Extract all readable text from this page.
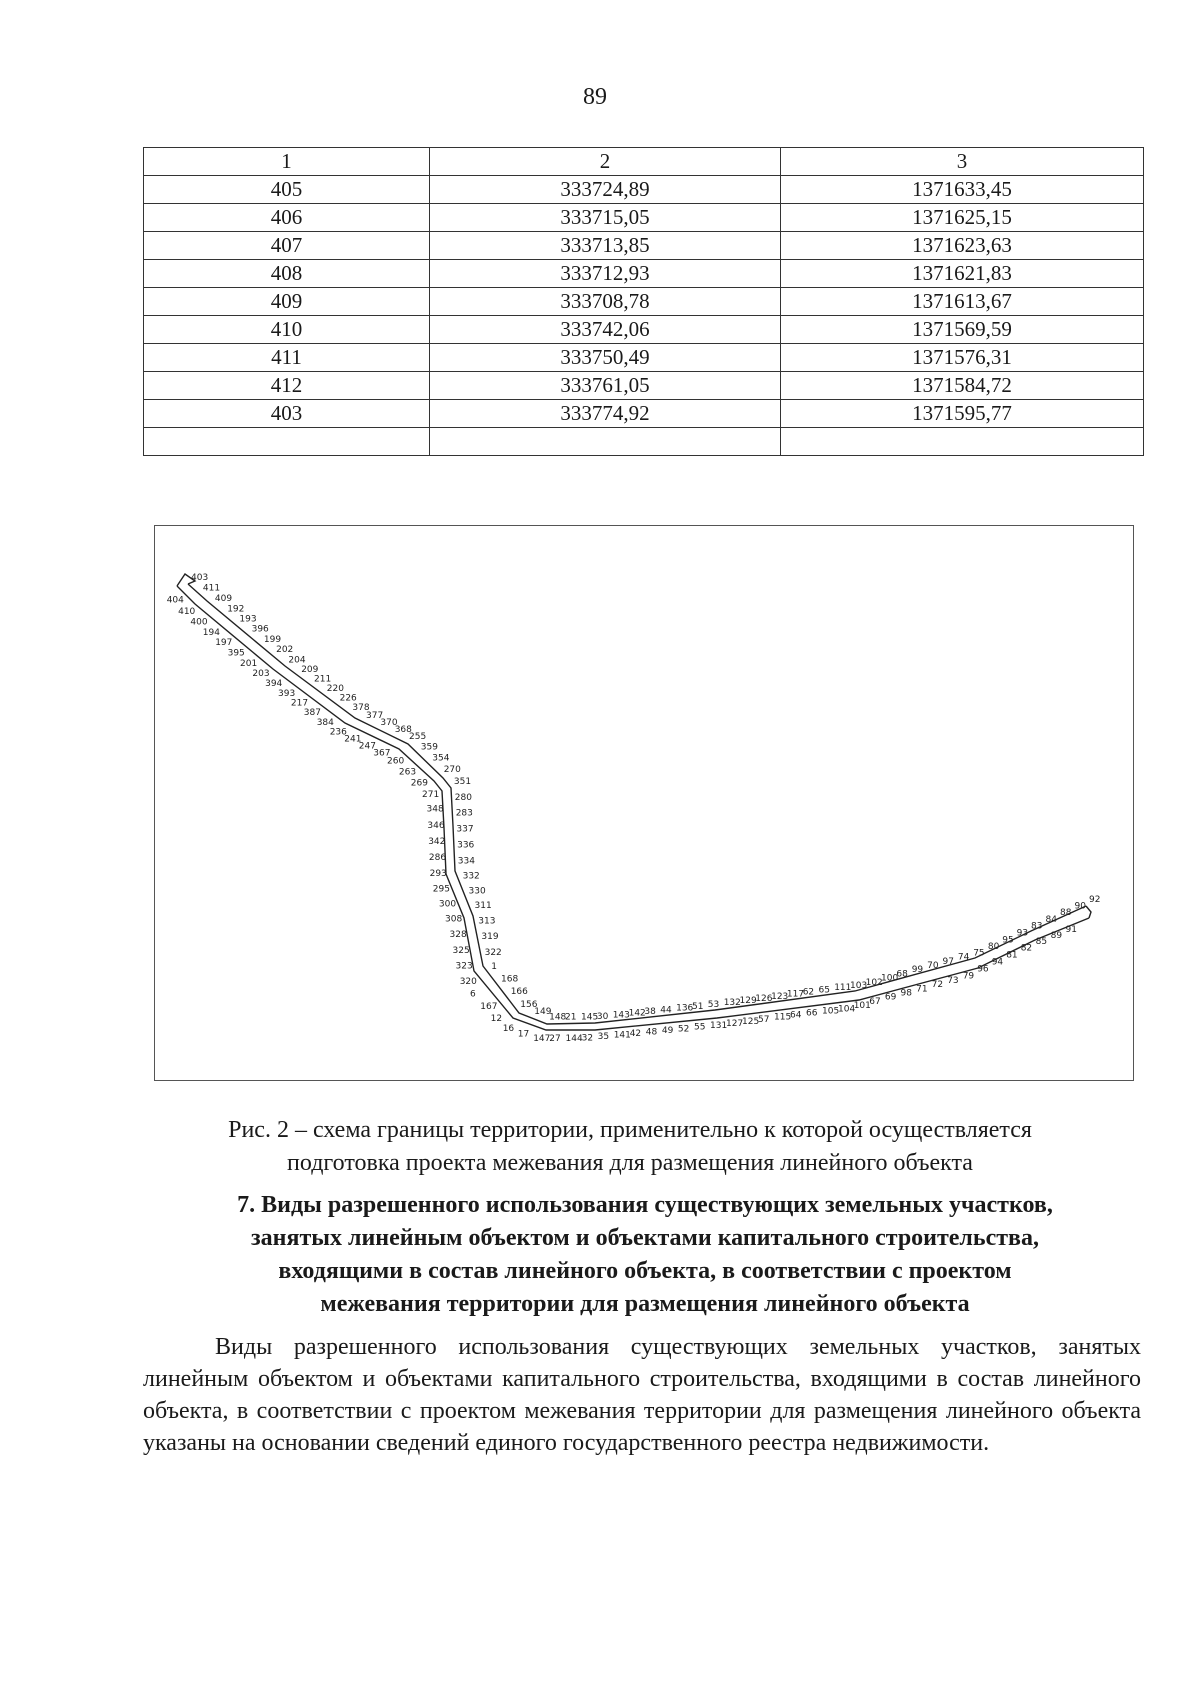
89
1	2	3
405	333724,89	1371633,45
406	333715,05	1371625,15
407	333713,85	1371623,63
408	333712,93	1371621,83
409	333708,78	1371613,67
410	333742,06	1371569,59
411	333750,49	1371576,31
412	333761,05	1371584,72
403	333774,92	1371595,77

403
404
411
410
409
400
192
194
193
197
396
395
199
201
202
203
204
394
209
393
211
217
220
387
226
384
378
236
377
241
370
247
368
367
255
260
359
263
354
269
270
271
351
348
280
346
283
342
337
286
336
293
334
295
332
300
330
308
311
328
313
325
319
323
322
320
1
6
168
167
166
12
156
16
149
17
148
147
21
27
145
144
30
32
143
35
142
141
38
42
44
48
136
49
51
52
53
55
132
131
129
127
126
125
123
57
117
115
62
64
65
66
111
105
103
104
102
101
100
67
68
69
99
98
70
71
97
72
74
73
75
79
80
96
95
94
93
81
83
82
84
85
88
89
90
91
92
Рис. 2 – схема границы территории, применительно к которой осуществляется
подготовка проекта межевания для размещения линейного объекта
7. Виды разрешенного использования существующих земельных участков,
занятых линейным объектом и объектами капитального строительства,
входящими в состав линейного объекта, в соответствии с проектом
межевания территории для размещения линейного объекта
Виды разрешенного использования существующих земельных участков, занятых линейным объектом и объектами капитального строительства, входящими в состав линейного объекта, в соответствии с проектом межевания территории для размещения линейного объекта указаны на основании сведений единого государственного реестра недвижимости.
